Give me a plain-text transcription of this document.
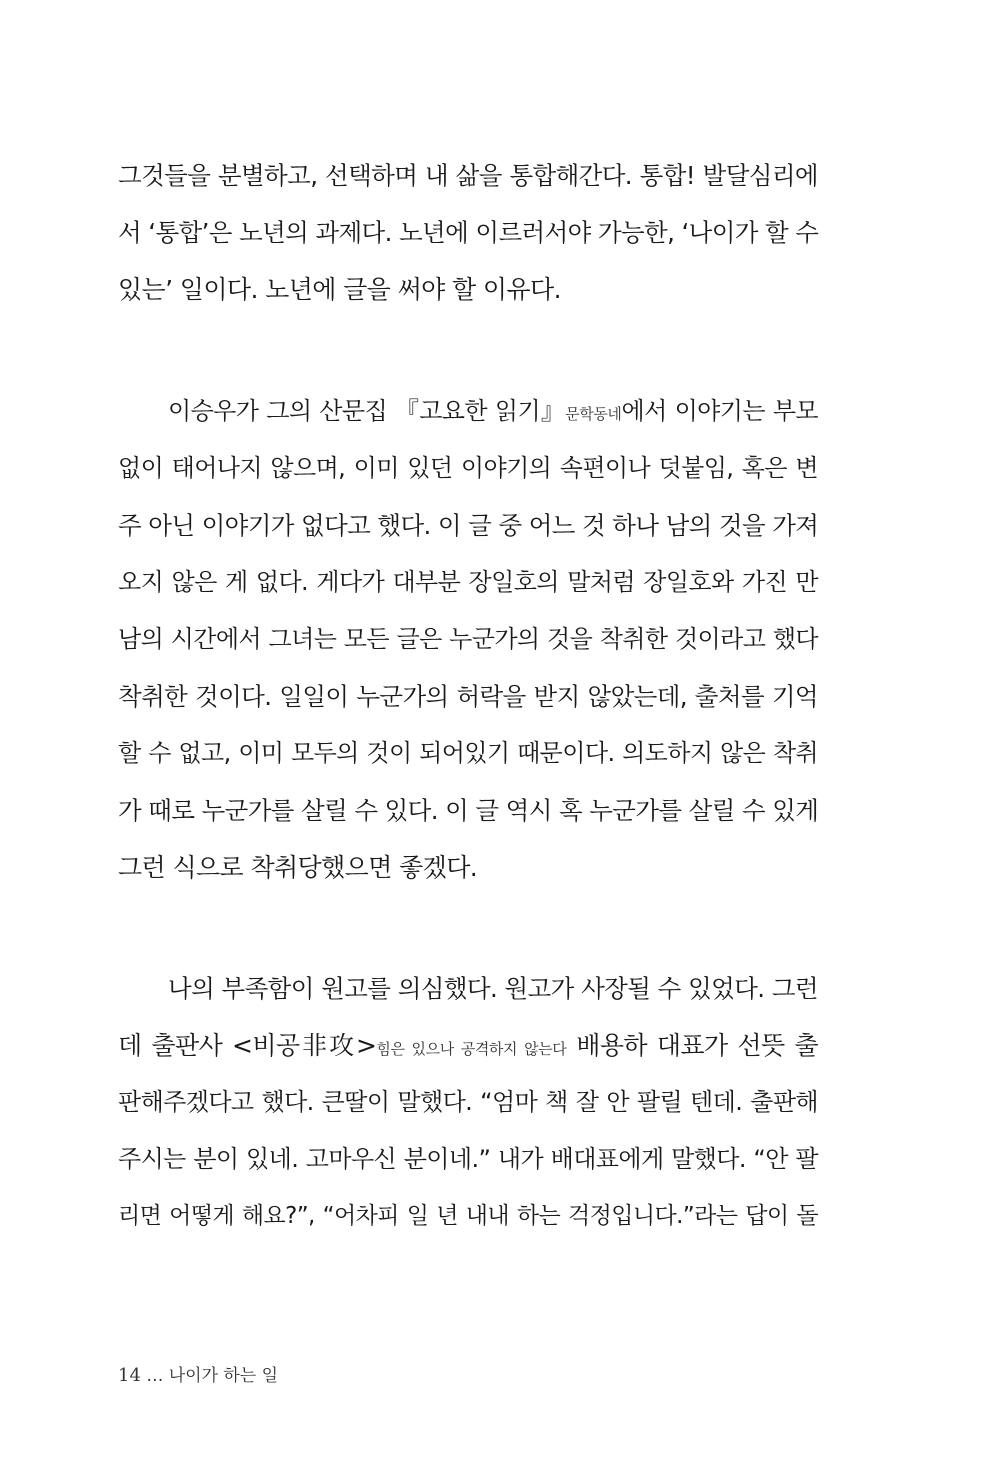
그것들을 분별하고, 선택하며 내 삶을 통합해간다. 통합! 발달심리에
서 ‘통합’은 노년의 과제다. 노년에 이르러서야 가능한, ‘나이가 할 수
있는’ 일이다. 노년에 글을 써야 할 이유다.
이승우가 그의 산문집 『고요한 읽기』문학동네에서 이야기는 부모
없이 태어나지 않으며, 이미 있던 이야기의 속편이나 덧붙임, 혹은 변
주 아닌 이야기가 없다고 했다. 이 글 중 어느 것 하나 남의 것을 가져
오지 않은 게 없다. 게다가 대부분 장일호의 말처럼 장일호와 가진 만
남의 시간에서 그녀는 모든 글은 누군가의 것을 착취한 것이라고 했다
착취한 것이다. 일일이 누군가의 허락을 받지 않았는데, 출처를 기억
할 수 없고, 이미 모두의 것이 되어있기 때문이다. 의도하지 않은 착취
가 때로 누군가를 살릴 수 있다. 이 글 역시 혹 누군가를 살릴 수 있게
그런 식으로 착취당했으면 좋겠다.
나의 부족함이 원고를 의심했다. 원고가 사장될 수 있었다. 그런
데 출판사 <비공非攻>힘은 있으나 공격하지 않는다 배용하 대표가 선뜻 출
판해주겠다고 했다. 큰딸이 말했다. “엄마 책 잘 안 팔릴 텐데. 출판해
주시는 분이 있네. 고마우신 분이네.” 내가 배대표에게 말했다. “안 팔
리면 어떻게 해요?”, “어차피 일 년 내내 하는 걱정입니다.”라는 답이 돌
14 … 나이가 하는 일
